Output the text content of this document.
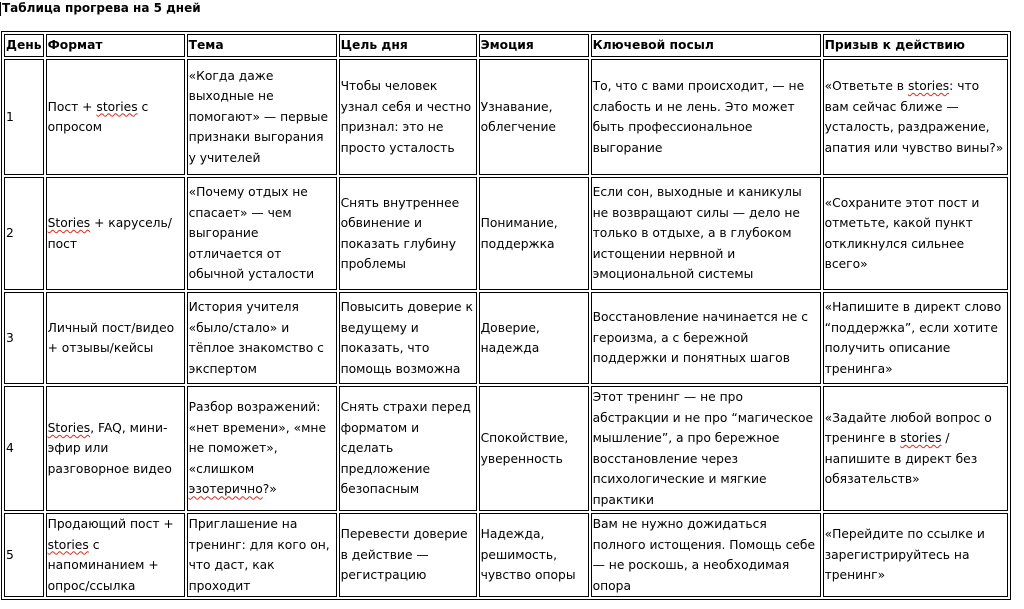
Таблица прогрева на 5 дней
День	Формат	Тема	Цель дня	Эмоция	Ключевой посыл	Призыв к действию
1	Пост + stories с опросом	«Когда даже выходные не помогают» — первые признаки выгорания у учителей	Чтобы человек узнал себя и честно признал: это не просто усталость	Узнавание, облегчение	То, что с вами происходит, — не слабость и не лень. Это может быть профессиональное выгорание	«Ответьте в stories: что вам сейчас ближе — усталость, раздражение, апатия или чувство вины?»
2	Stories + карусель/пост	«Почему отдых не спасает» — чем выгорание отличается от обычной усталости	Снять внутреннее обвинение и показать глубину проблемы	Понимание, поддержка	Если сон, выходные и каникулы не возвращают силы — дело не только в отдыхе, а в глубоком истощении нервной и эмоциональной системы	«Сохраните этот пост и отметьте, какой пункт откликнулся сильнее всего»
3	Личный пост/видео + отзывы/кейсы	История учителя «было/стало» и тёплое знакомство с экспертом	Повысить доверие к ведущему и показать, что помощь возможна	Доверие, надежда	Восстановление начинается не с героизма, а с бережной поддержки и понятных шагов	«Напишите в директ слово “поддержка”, если хотите получить описание тренинга»
4	Stories, FAQ, мини-эфир или разговорное видео	Разбор возражений: «нет времени», «мне не поможет», «слишком эзотерично?»	Снять страхи перед форматом и сделать предложение безопасным	Спокойствие, уверенность	Этот тренинг — не про абстракции и не про “магическое мышление”, а про бережное восстановление через психологические и мягкие практики	«Задайте любой вопрос о тренинге в stories / напишите в директ без обязательств»
5	Продающий пост + stories с напоминанием + опрос/ссылка	Приглашение на тренинг: для кого он, что даст, как проходит	Перевести доверие в действие — регистрацию	Надежда, решимость, чувство опоры	Вам не нужно дожидаться полного истощения. Помощь себе — не роскошь, а необходимая опора	«Перейдите по ссылке и зарегистрируйтесь на тренинг»
